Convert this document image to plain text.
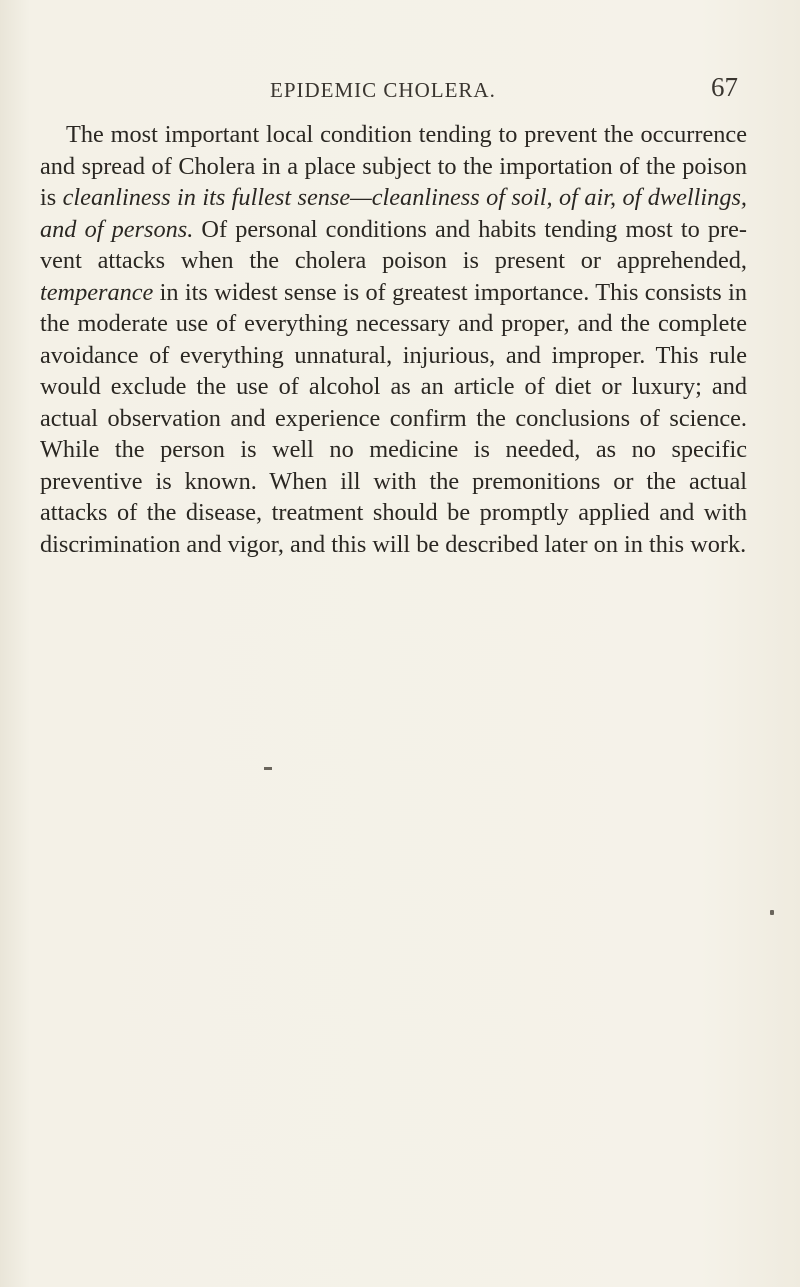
EPIDEMIC CHOLERA.	67

The most important local condition tending to prevent the occurrence and spread of Cholera in a place subject to the importation of the poison is cleanliness in its fullest sense—cleanliness of soil, of air, of dwellings, and of persons. Of personal conditions and habits tending most to prevent attacks when the cholera poison is present or apprehended, temperance in its widest sense is of greatest importance. This consists in the moderate use of everything necessary and proper, and the complete avoidance of everything unnatural, injurious, and improper. This rule would exclude the use of alcohol as an article of diet or luxury; and actual observation and experience confirm the conclusions of science. While the person is well no medicine is needed, as no specific preventive is known. When ill with the premonitions or the actual attacks of the disease, treatment should be promptly applied and with discrimination and vigor, and this will be described later on in this work.
